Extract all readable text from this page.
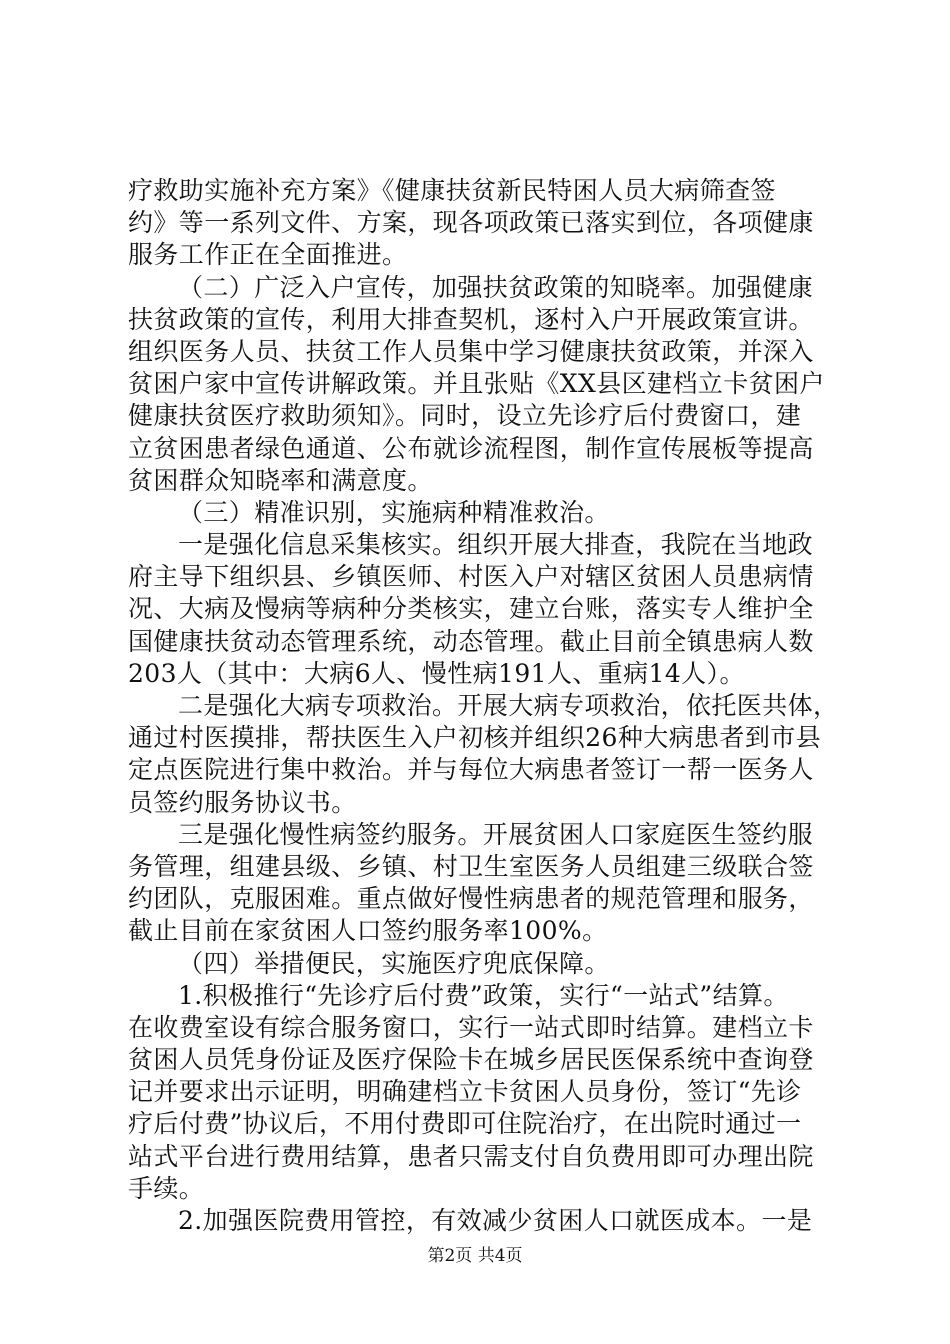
疗救助实施补充方案》《健康扶贫新民特困人员大病筛查签
约》等一系列文件、方案，现各项政策已落实到位，各项健康
服务工作正在全面推进。
（二）广泛入户宣传，加强扶贫政策的知晓率。加强健康
扶贫政策的宣传，利用大排查契机，逐村入户开展政策宣讲。
组织医务人员、扶贫工作人员集中学习健康扶贫政策，并深入
贫困户家中宣传讲解政策。并且张贴《XX县区建档立卡贫困户
健康扶贫医疗救助须知》。同时，设立先诊疗后付费窗口，建
立贫困患者绿色通道、公布就诊流程图，制作宣传展板等提高
贫困群众知晓率和满意度。
（三）精准识别，实施病种精准救治。
一是强化信息采集核实。组织开展大排查，我院在当地政
府主导下组织县、乡镇医师、村医入户对辖区贫困人员患病情
况、大病及慢病等病种分类核实，建立台账，落实专人维护全
国健康扶贫动态管理系统，动态管理。截止目前全镇患病人数
203人（其中：大病6人、慢性病191人、重病14人）。
二是强化大病专项救治。开展大病专项救治，依托医共体，
通过村医摸排，帮扶医生入户初核并组织26种大病患者到市县
定点医院进行集中救治。并与每位大病患者签订一帮一医务人
员签约服务协议书。
三是强化慢性病签约服务。开展贫困人口家庭医生签约服
务管理，组建县级、乡镇、村卫生室医务人员组建三级联合签
约团队，克服困难。重点做好慢性病患者的规范管理和服务，
截止目前在家贫困人口签约服务率100%。
（四）举措便民，实施医疗兜底保障。
1.积极推行“先诊疗后付费”政策，实行“一站式”结算。
在收费室设有综合服务窗口，实行一站式即时结算。建档立卡
贫困人员凭身份证及医疗保险卡在城乡居民医保系统中查询登
记并要求出示证明，明确建档立卡贫困人员身份，签订“先诊
疗后付费”协议后，不用付费即可住院治疗，在出院时通过一
站式平台进行费用结算，患者只需支付自负费用即可办理出院
手续。
2.加强医院费用管控，有效减少贫困人口就医成本。一是
第2页 共4页
